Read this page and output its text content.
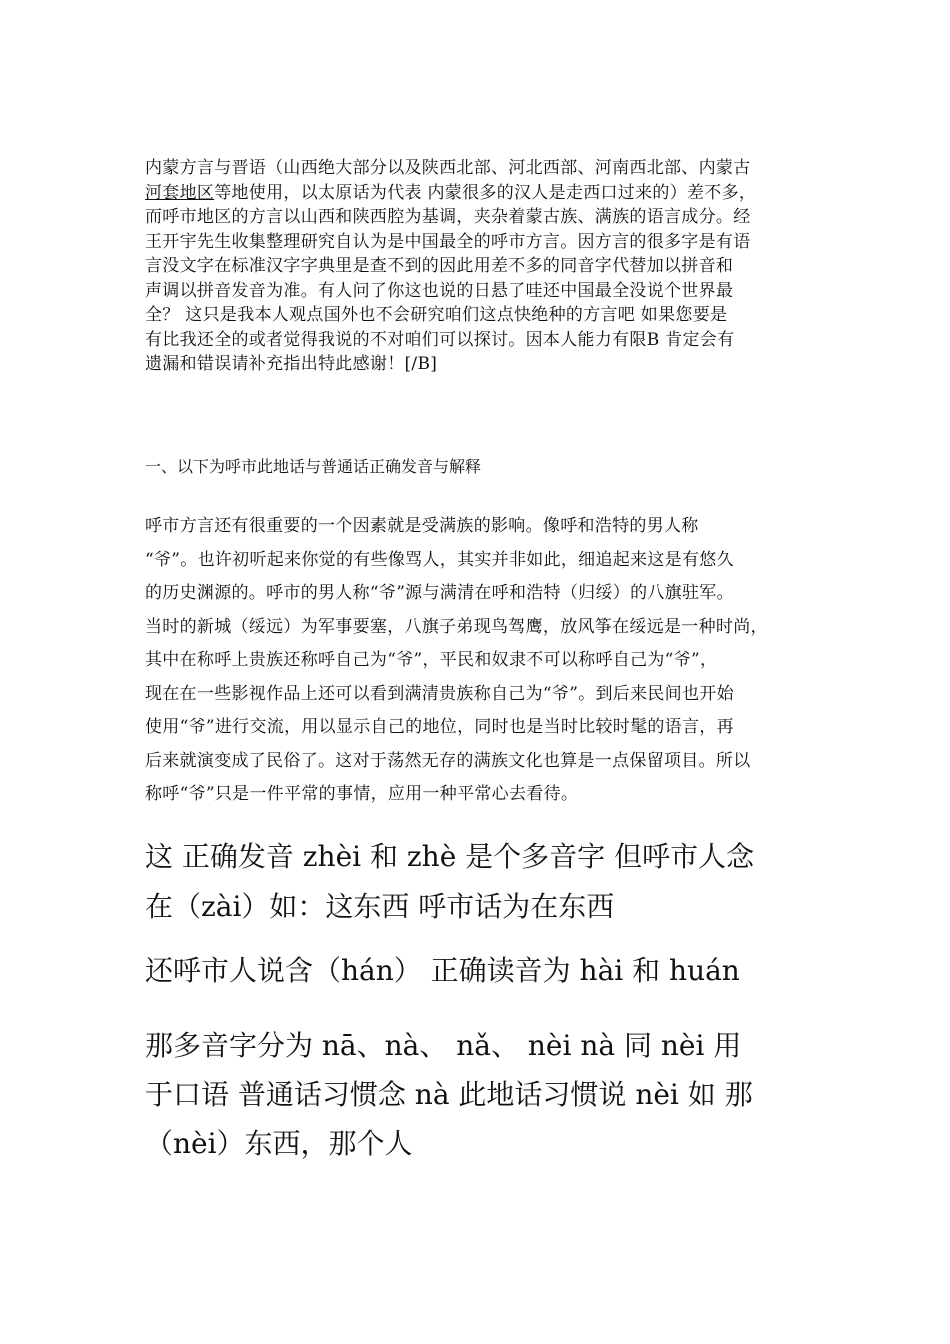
内蒙方言与晋语（山西绝大部分以及陕西北部、河北西部、河南西北部、内蒙古
河套地区等地使用，以太原话为代表 内蒙很多的汉人是走西口过来的）差不多，
而呼市地区的方言以山西和陕西腔为基调，夹杂着蒙古族、满族的语言成分。经
王开宇先生收集整理研究自认为是中国最全的呼市方言。因方言的很多字是有语
言没文字在标准汉字字典里是查不到的因此用差不多的同音字代替加以拼音和
声调以拼音发音为准。有人问了你这也说的日悬了哇还中国最全没说个世界最
全？ 这只是我本人观点国外也不会研究咱们这点快绝种的方言吧 如果您要是
有比我还全的或者觉得我说的不对咱们可以探讨。因本人能力有限B 肯定会有
遗漏和错误请补充指出特此感谢！[/B]
一、以下为呼市此地话与普通话正确发音与解释
呼市方言还有很重要的一个因素就是受满族的影响。像呼和浩特的男人称
“爷”。也许初听起来你觉的有些像骂人，其实并非如此，细追起来这是有悠久
的历史渊源的。呼市的男人称“爷”源与满清在呼和浩特（归绥）的八旗驻军。
当时的新城（绥远）为军事要塞，八旗子弟现鸟驾鹰，放风筝在绥远是一种时尚，
其中在称呼上贵族还称呼自己为“爷”，平民和奴隶不可以称呼自己为“爷”，
现在在一些影视作品上还可以看到满清贵族称自己为“爷”。到后来民间也开始
使用“爷”进行交流，用以显示自己的地位，同时也是当时比较时髦的语言，再
后来就演变成了民俗了。这对于荡然无存的满族文化也算是一点保留项目。所以
称呼“爷”只是一件平常的事情，应用一种平常心去看待。
这 正确发音 zhèi 和 zhè 是个多音字 但呼市人念
在（zài）如：这东西 呼市话为在东西
还呼市人说含（hán） 正确读音为 hài 和 huán
那多音字分为 nā、nà、 nǎ、 nèi nà 同 nèi 用
于口语 普通话习惯念 nà 此地话习惯说 nèi 如 那
（nèi）东西，那个人
